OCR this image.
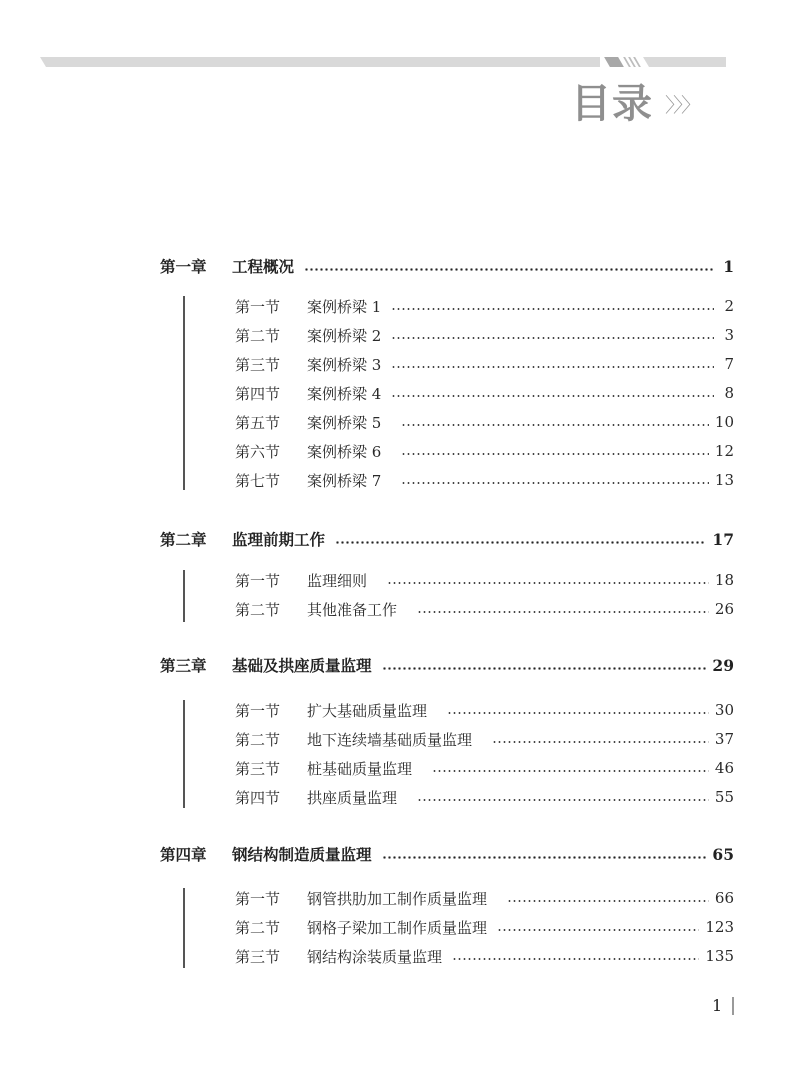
目录 〉〉〉
第一章	工程概况	1
第一节	案例桥梁 1	2
第二节	案例桥梁 2	3
第三节	案例桥梁 3	7
第四节	案例桥梁 4	8
第五节	案例桥梁 5	10
第六节	案例桥梁 6	12
第七节	案例桥梁 7	13
第二章	监理前期工作	17
第一节	监理细则	18
第二节	其他准备工作	26
第三章	基础及拱座质量监理	29
第一节	扩大基础质量监理	30
第二节	地下连续墙基础质量监理	37
第三节	桩基础质量监理	46
第四节	拱座质量监理	55
第四章	钢结构制造质量监理	65
第一节	钢管拱肋加工制作质量监理	66
第二节	钢格子梁加工制作质量监理	123
第三节	钢结构涂装质量监理	135
1
